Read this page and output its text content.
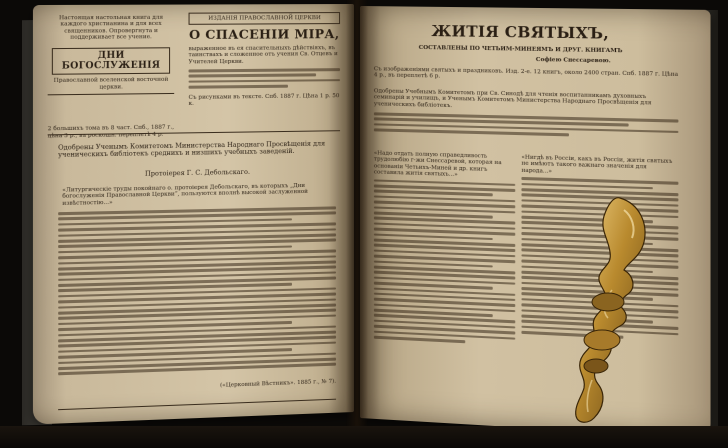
Настоящая настольная книга для каждого христианина и для всех священников. Опровергнута и поддерживает все учение.
ДНИ БОГОСЛУЖЕНІЯ
Православной вселенской восточной церкви.
2 большихъ тома въ 8 част. Спб., 1887 г., цѣна 3 р., въ роскошн. переплетѣ 4 р.
ИЗДАНІЯ ПРАВОСЛАВНОЙ ЦЕРКВИ
О СПАСЕНІИ МІРА,
выраженное въ ея спасительныхъ дѣйствіяхъ, въ таинствахъ и сложенное отъ учения Св. Отцевъ и Учителей Церкви.
Съ рисунками въ тексте. Спб. 1887 г. Цѣна 1 р. 50 к.
Одобрены Ученымъ Комитетомъ Министерства Народнаго Просвѣщенія для ученическихъ библіотекъ среднихъ и низшихъ учебныхъ заведеній.
Протоіерея Г. С. Дебольскаго.
«Литургическіе труды покойнаго о. протоіерея Дебольскаго, въ которыхъ „Дни богослуженія Православной Церкви“, пользуются вполнѣ высокой заслуженной извѣстностію...»
(«Церковный Вѣстникъ». 1885 г., № 7).
ЖИТІЯ СВЯТЫХЪ,
СОСТАВЛЕНЫ ПО ЧЕТЬИМ-МИНЕЯМЪ И ДРУГ. КНИГАМЪ
Софіею Снессаревою.
Съ изображеніями святыхъ и праздниковъ. Изд. 2-е. 12 книгъ, около 2400 стран. Спб. 1887 г. Цѣна 4 р., въ переплетѣ 6 р.
Одобрены Учебнымъ Комитетомъ при Св. Синодѣ для чтенія воспитанникамъ духовныхъ семинарій и училищъ, и Ученымъ Комитетомъ Министерства Народнаго Просвѣщенія для ученическихъ библіотекъ.
«Надо отдать полную справедливость трудолюбію г-жи Снессаревой, которая на основаніи Четьихъ-Миней и др. книгъ составила житія святыхъ...»
«Нигдѣ въ Россіи, какъ въ Россіи, житія святыхъ не имѣютъ такого важнаго значенія для народа...»
